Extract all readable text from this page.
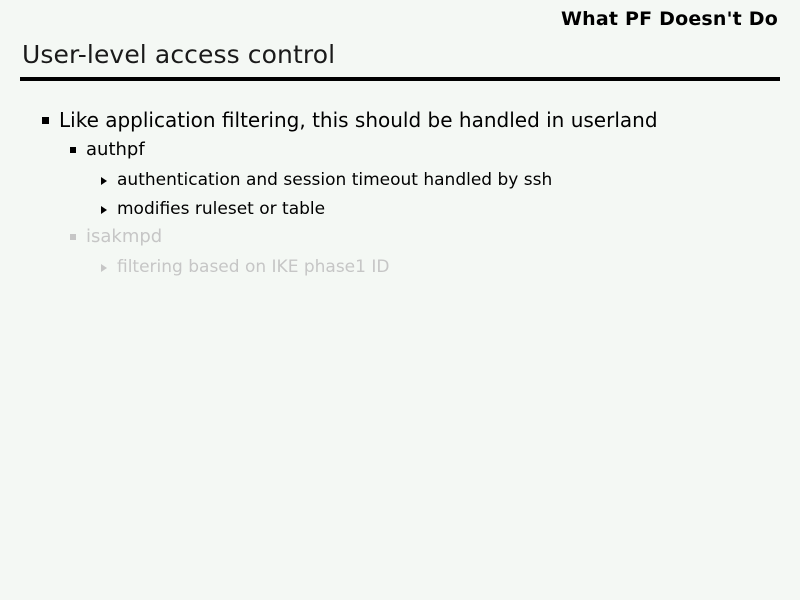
What PF Doesn't Do
User-level access control
Like application filtering, this should be handled in userland
authpf
authentication and session timeout handled by ssh
modifies ruleset or table
isakmpd
filtering based on IKE phase1 ID
